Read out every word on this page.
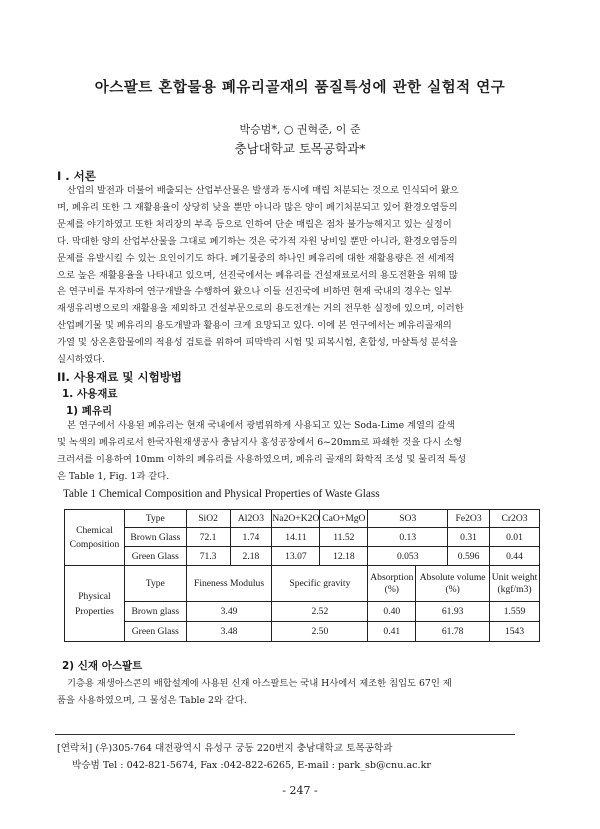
아스팔트 혼합물용 폐유리골재의 품질특성에 관한 실험적 연구
박승범*, ○ 권혁준, 이 준
충남대학교 토목공학과*
I . 서론
산업의 발전과 더불어 배출되는 산업부산물은 발생과 동시에 매립 처분되는 것으로 인식되어 왔으
며, 폐유리 또한 그 재활용율이 상당히 낮을 뿐만 아니라 많은 양이 폐기처분되고 있어 환경오염등의
문제를 야기하였고 또한 처리장의 부족 등으로 인하여 단순 매립은 점차 불가능해지고 있는 실정이
다. 막대한 양의 산업부산물을 그대로 폐기하는 것은 국가적 자원 낭비일 뿐만 아니라, 환경오염등의
문제를 유발시킬 수 있는 요인이기도 하다. 폐기물중의 하나인 폐유리에 대한 재활용량은 전 세계적
으로 높은 재활용율을 나타내고 있으며, 선진국에서는 폐유리를 건설재료로서의 용도전환을 위해 많
은 연구비를 투자하여 연구개발을 수행하여 왔으나 이들 선진국에 비하면 현재 국내의 경우는 일부
재생유리병으로의 재활용을 제외하고 건설부문으로의 용도전개는 거의 전무한 실정에 있으며, 이러한
산업폐기물 및 폐유리의 용도개발과 활용이 크게 요망되고 있다. 이에 본 연구에서는 폐유리골재의
가열 및 상온혼합물에의 적용성 검토를 위하여 피막박리 시험 및 피복시험, 혼합성, 마샬특성 분석을
실시하였다.
II. 사용재료 및 시험방법
1. 사용재료
1) 폐유리
본 연구에서 사용된 폐유리는 현재 국내에서 광범위하게 사용되고 있는 Soda-Lime 계열의 갈색
및 녹색의 폐유리로서 한국자원재생공사 충남지사 홍성공장에서 6~20mm로 파쇄한 것을 다시 소형
크러셔를 이용하여 10mm 이하의 폐유리를 사용하였으며, 폐유리 골재의 화학적 조성 및 물리적 특성
은 Table 1, Fig. 1과 같다.
Table 1 Chemical Composition and Physical Properties of Waste Glass
Chemical Composition	Type	SiO2	Al2O3	Na2O+K2O	CaO+MgO	SO3		Fe2O3	Cr2O3
	Brown Glass	72.1	1.74	14.11	11.52	0.13		0.31	0.01
	Green Glass	71.3	2.18	13.07	12.18	0.053		0.596	0.44
Physical Properties	Type	Fineness Modulus		Specific gravity		Absorption (%)	Absolute volume (%)		Unit weight (kgf/m3)
	Brown glass	3.49		2.52		0.40	61.93		1.559
	Green Glass	3.48		2.50		0.41	61.78		1543
2) 신재 아스팔트
기층용 재생아스콘의 배합설계에 사용된 신재 아스팔트는 국내 H사에서 제조한 침입도 67인 제
품을 사용하였으며, 그 물성은 Table 2와 같다.
[연락처] (우)305-764 대전광역시 유성구 궁동 220번지 충남대학교 토목공학과
박승범 Tel : 042-821-5674, Fax :042-822-6265, E-mail : park_sb@cnu.ac.kr
- 247 -
